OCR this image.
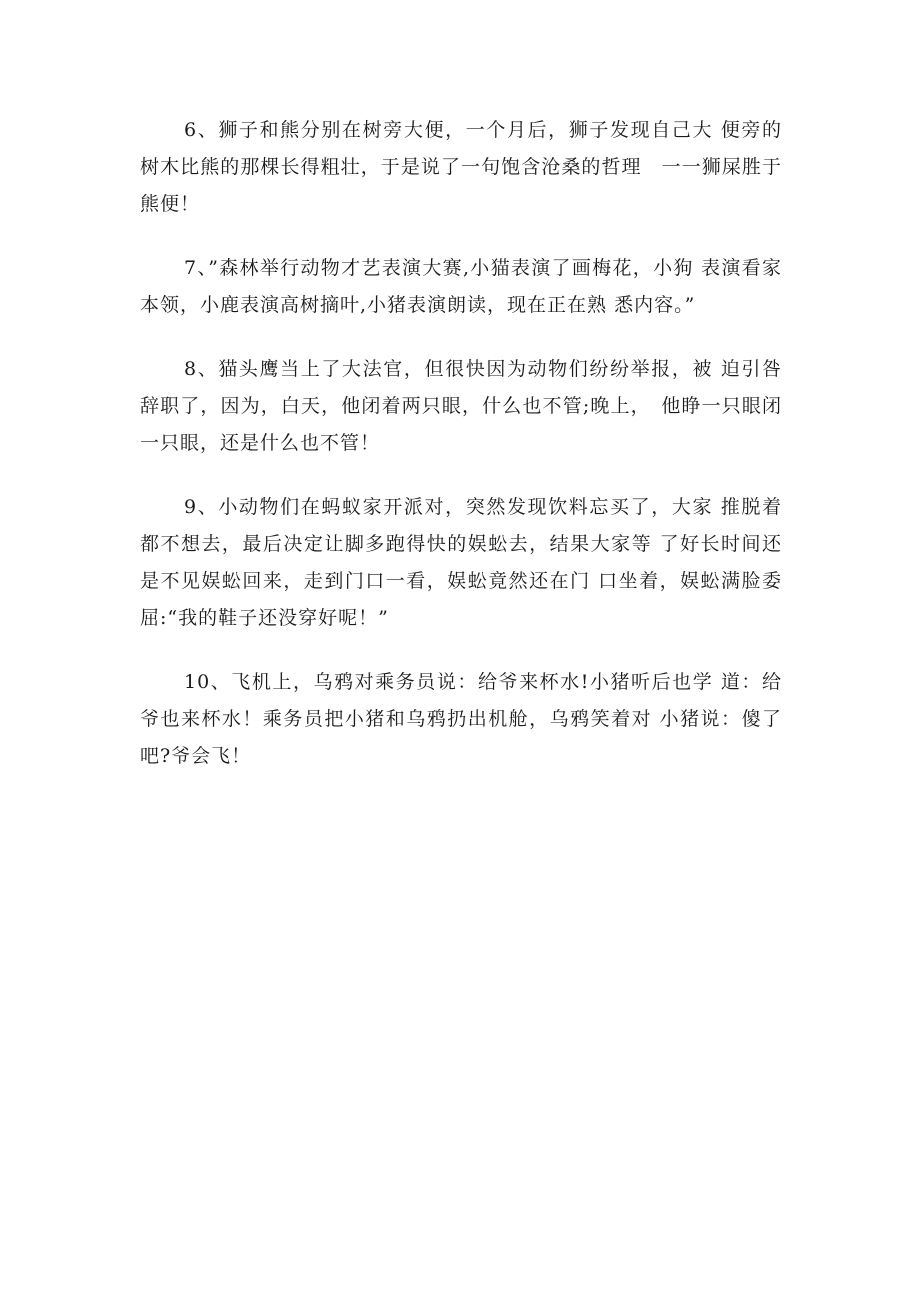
6、狮子和熊分别在树旁大便，一个月后，狮子发现自己大 便旁的树木比熊的那棵长得粗壮，于是说了一句饱含沧桑的哲理　一一狮屎胜于熊便！

7、”森林举行动物才艺表演大赛,小猫表演了画梅花，小狗 表演看家本领，小鹿表演高树摘叶,小猪表演朗读，现在正在熟 悉内容。”

8、猫头鹰当上了大法官，但很快因为动物们纷纷举报，被 迫引咎辞职了，因为，白天，他闭着两只眼，什么也不管;晚上，　他睁一只眼闭一只眼，还是什么也不管！

9、小动物们在蚂蚁家开派对，突然发现饮料忘买了，大家 推脱着都不想去，最后决定让脚多跑得快的娱蚣去，结果大家等 了好长时间还是不见娱蚣回来，走到门口一看，娱蚣竟然还在门 口坐着，娱蚣满脸委屈:“我的鞋子还没穿好呢！”

10、飞机上，乌鸦对乘务员说：给爷来杯水!小猪听后也学 道：给爷也来杯水！乘务员把小猪和乌鸦扔出机舱，乌鸦笑着对 小猪说：傻了吧?爷会飞！
